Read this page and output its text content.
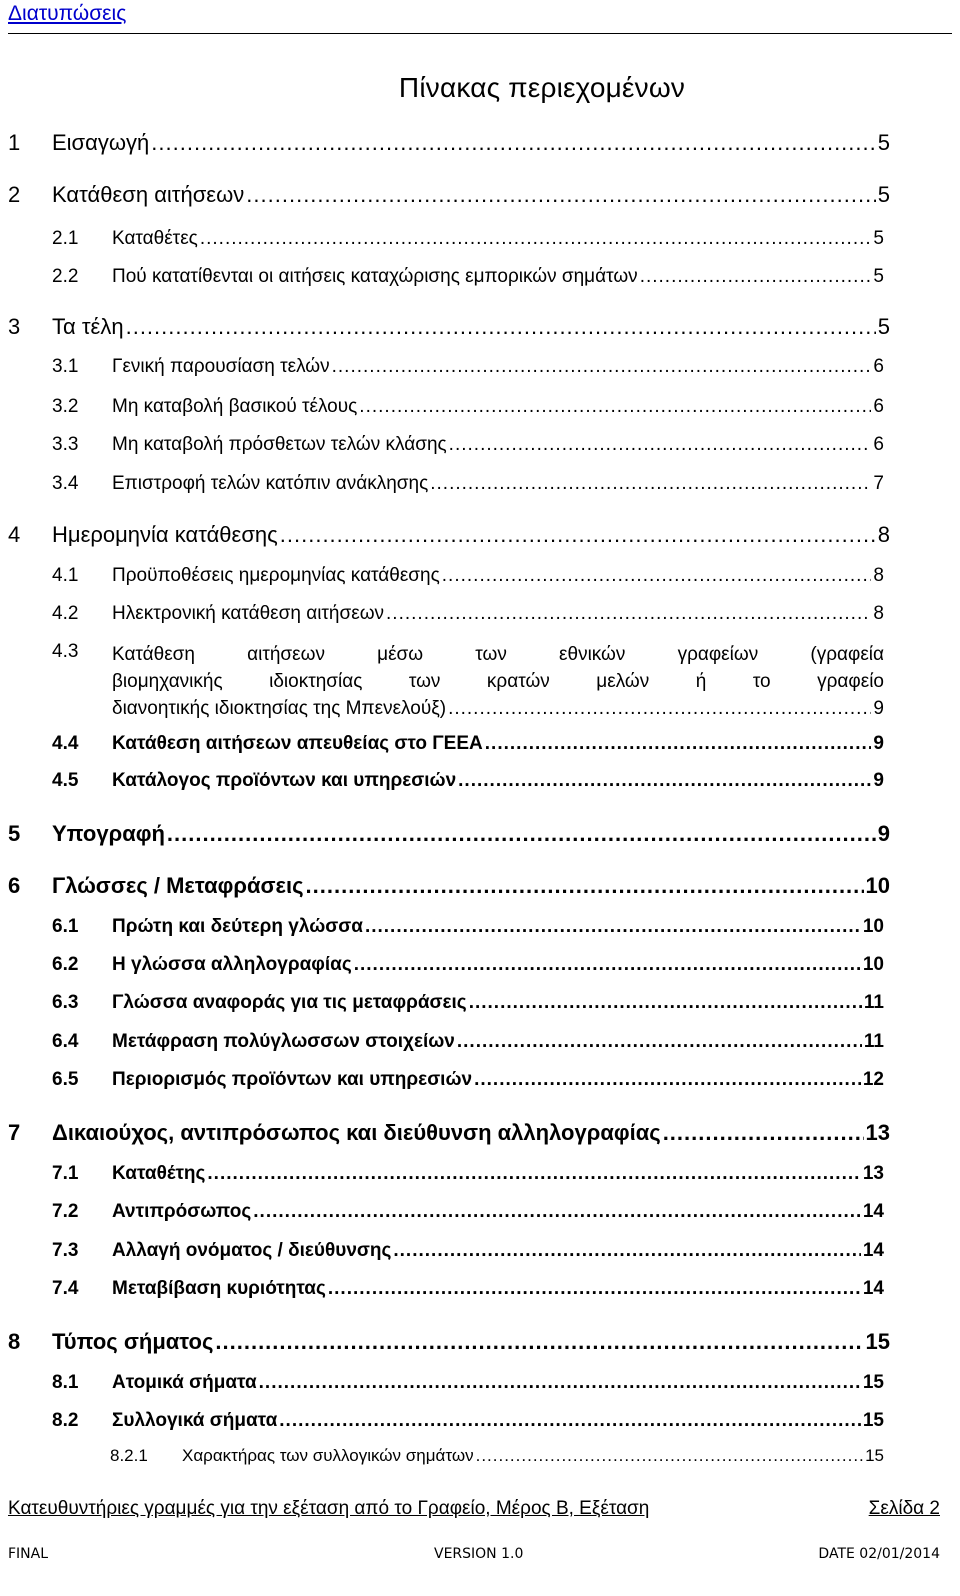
Διατυπώσεις
Πίνακας περιεχομένων
1	Εισαγωγή .....	5
2	Κατάθεση αιτήσεων .....	5
2.1	Καταθέτες .....	5
2.2	Πού κατατίθενται οι αιτήσεις καταχώρισης εμπορικών σημάτων .....	5
3	Τα τέλη .....	5
3.1	Γενική παρουσίαση τελών .....	6
3.2	Μη καταβολή βασικού τέλους .....	6
3.3	Μη καταβολή πρόσθετων τελών κλάσης .....	6
3.4	Επιστροφή τελών κατόπιν ανάκλησης .....	7
4	Ημερομηνία κατάθεσης .....	8
4.1	Προϋποθέσεις ημερομηνίας κατάθεσης .....	8
4.2	Ηλεκτρονική κατάθεση αιτήσεων .....	8
4.3	Κατάθεση αιτήσεων μέσω των εθνικών γραφείων (γραφεία
βιομηχανικής ιδιοκτησίας των κρατών μελών ή το γραφείο
διανοητικής ιδιοκτησίας της Μπενελούξ) .....	9
4.4	Κατάθεση αιτήσεων απευθείας στο ΓΕΕΑ .....	9
4.5	Κατάλογος προϊόντων και υπηρεσιών .....	9
5	Υπογραφή .....	9
6	Γλώσσες / Μεταφράσεις .....	10
6.1	Πρώτη και δεύτερη γλώσσα .....	10
6.2	Η γλώσσα αλληλογραφίας .....	10
6.3	Γλώσσα αναφοράς για τις μεταφράσεις .....	11
6.4	Μετάφραση πολύγλωσσων στοιχείων .....	11
6.5	Περιορισμός προϊόντων και υπηρεσιών .....	12
7	Δικαιούχος, αντιπρόσωπος και διεύθυνση αλληλογραφίας .....	13
7.1	Καταθέτης .....	13
7.2	Αντιπρόσωπος .....	14
7.3	Αλλαγή ονόματος / διεύθυνσης .....	14
7.4	Μεταβίβαση κυριότητας .....	14
8	Τύπος σήματος .....	15
8.1	Ατομικά σήματα .....	15
8.2	Συλλογικά σήματα .....	15
8.2.1	Χαρακτήρας των συλλογικών σημάτων .....	15
Κατευθυντήριες γραμμές για την εξέταση από το Γραφείο, Μέρος Β, Εξέταση	Σελίδα 2
FINAL	VERSION 1.0	DATE 02/01/2014
